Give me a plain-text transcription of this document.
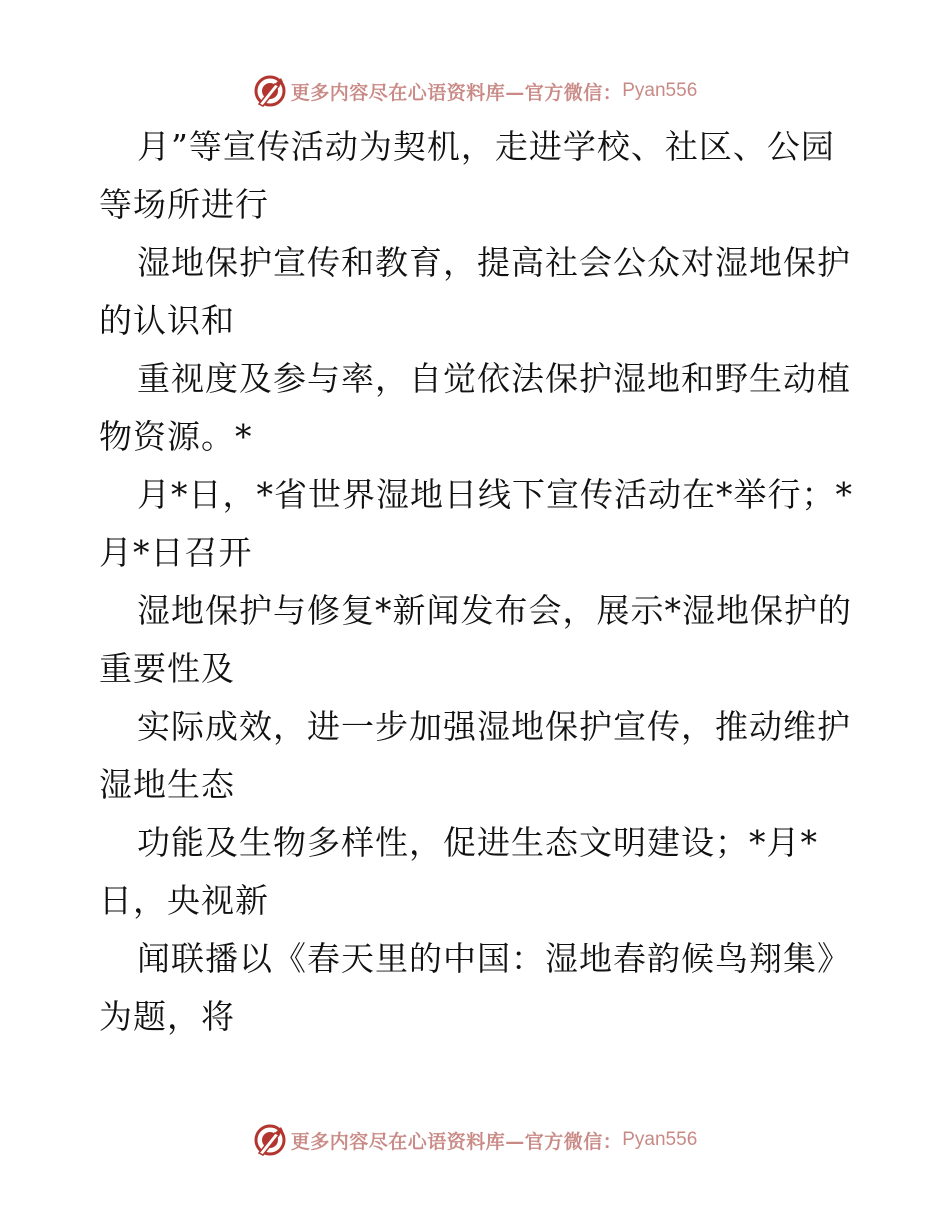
更多内容尽在心语资料库—官方微信： Pyan556
月”等宣传活动为契机，走进学校、社区、公园
等场所进行
湿地保护宣传和教育，提高社会公众对湿地保护
的认识和
重视度及参与率，自觉依法保护湿地和野生动植
物资源。*
月*日，*省世界湿地日线下宣传活动在*举行；*
月*日召开
湿地保护与修复*新闻发布会，展示*湿地保护的
重要性及
实际成效，进一步加强湿地保护宣传，推动维护
湿地生态
功能及生物多样性，促进生态文明建设；*月*
日，央视新
闻联播以《春天里的中国：湿地春韵候鸟翔集》
为题，将
更多内容尽在心语资料库—官方微信： Pyan556
